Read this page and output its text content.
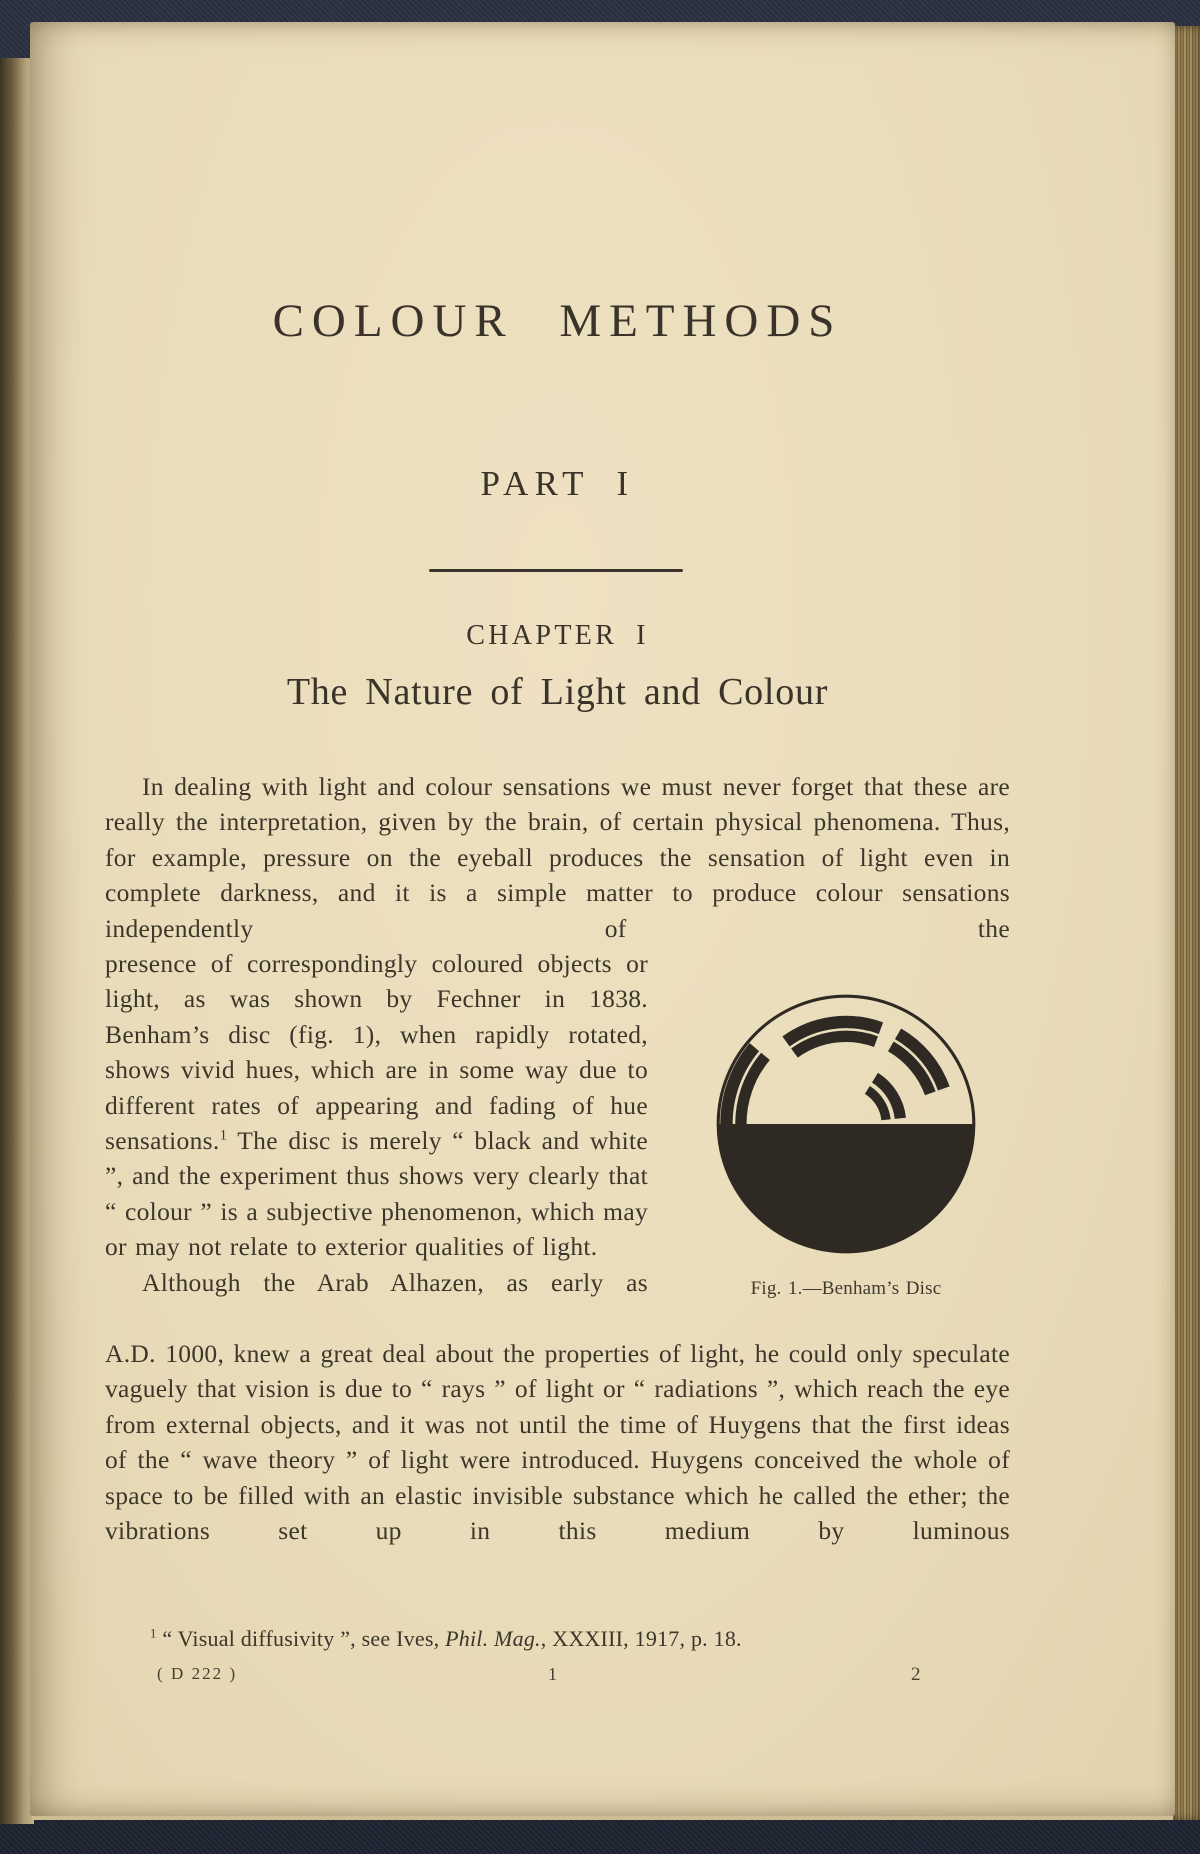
COLOUR METHODS
PART I
CHAPTER I
The Nature of Light and Colour

In dealing with light and colour sensations we must never forget that these are really the interpretation, given by the brain, of certain physical phenomena. Thus, for example, pressure on the eyeball produces the sensation of light even in complete darkness, and it is a simple matter to produce colour sensations independently of the

presence of correspondingly coloured objects or light, as was shown by Fechner in 1838. Benham’s disc (fig. 1), when rapidly rotated, shows vivid hues, which are in some way due to different rates of appearing and fading of hue sensations.$^1$ The disc is merely “ black and white ”, and the experiment thus shows very clearly that “ colour ” is a subjective phenomenon, which may or may not relate to exterior qualities of light.

Although the Arab Alhazen, as early as	Fig. 1.—Benham’s Disc

A.D. 1000, knew a great deal about the properties of light, he could only speculate vaguely that vision is due to “ rays ” of light or “ radiations ”, which reach the eye from external objects, and it was not until the time of Huygens that the first ideas of the “ wave theory ” of light were introduced. Huygens conceived the whole of space to be filled with an elastic invisible substance which he called the ether; the vibrations set up in this medium by luminous

$^1$ “ Visual diffusivity ”, see Ives, Phil. Mag., XXXIII, 1917, p. 18.
( D 222 )	1	2
